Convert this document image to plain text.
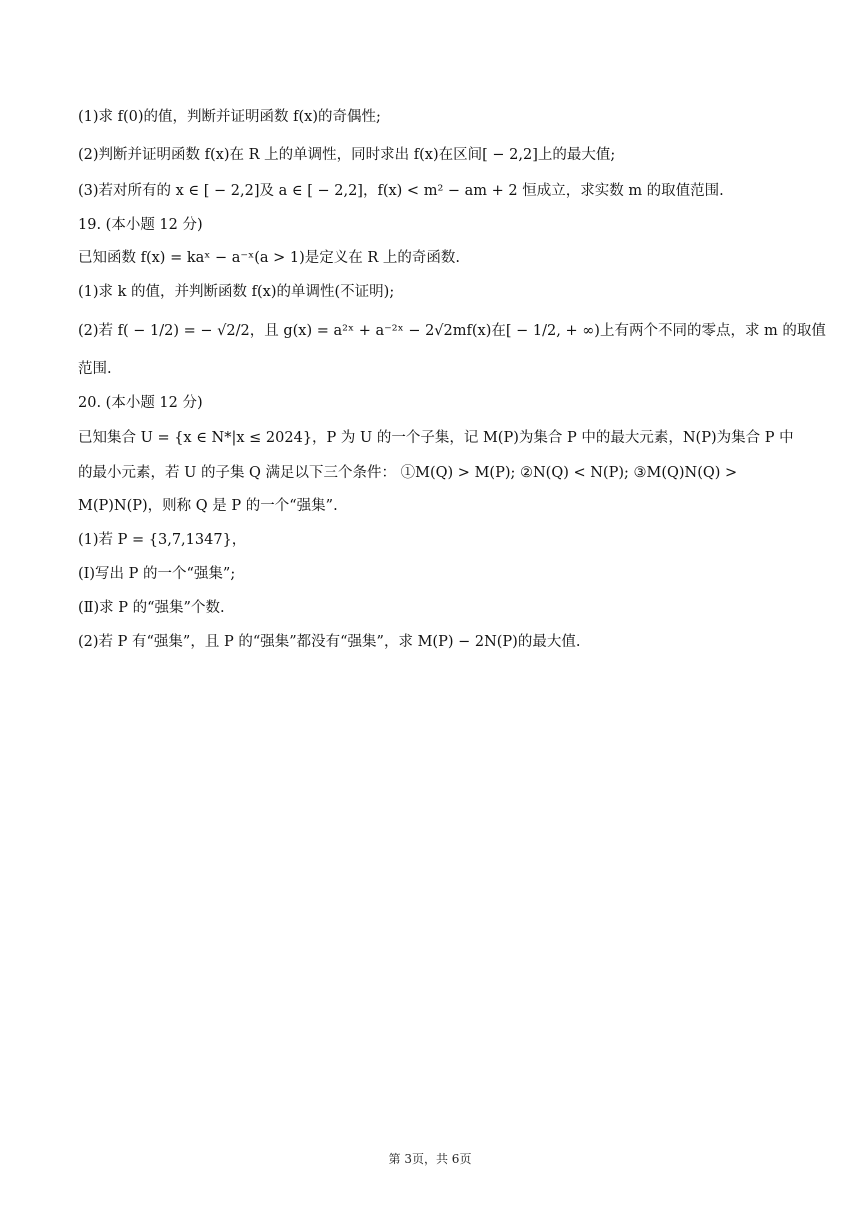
(1)求 f(0)的值，判断并证明函数 f(x)的奇偶性;

(2)判断并证明函数 f(x)在 R 上的单调性，同时求出 f(x)在区间[ − 2,2]上的最大值;

(3)若对所有的 x ∈ [ − 2,2]及 a ∈ [ − 2,2]，f(x) < m² − am + 2 恒成立，求实数 m 的取值范围.

19. (本小题 12 分)

已知函数 f(x) = kaˣ − a⁻ˣ(a > 1)是定义在 R 上的奇函数.

(1)求 k 的值，并判断函数 f(x)的单调性(不证明);

(2)若 f( − 1/2) = − √2/2，且 g(x) = a²ˣ + a⁻²ˣ − 2√2mf(x)在[ − 1/2, + ∞)上有两个不同的零点，求 m 的取值

范围.

20. (本小题 12 分)

已知集合 U = {x ∈ N*|x ≤ 2024}，P 为 U 的一个子集，记 M(P)为集合 P 中的最大元素，N(P)为集合 P 中

的最小元素，若 U 的子集 Q 满足以下三个条件： ①M(Q) > M(P); ②N(Q) < N(P); ③M(Q)N(Q) >

M(P)N(P)，则称 Q 是 P 的一个“强集”.

(1)若 P = {3,7,1347}，

(Ⅰ)写出 P 的一个“强集”;

(Ⅱ)求 P 的“强集”个数.

(2)若 P 有“强集”，且 P 的“强集”都没有“强集”，求 M(P) − 2N(P)的最大值.

第 3页，共 6页
